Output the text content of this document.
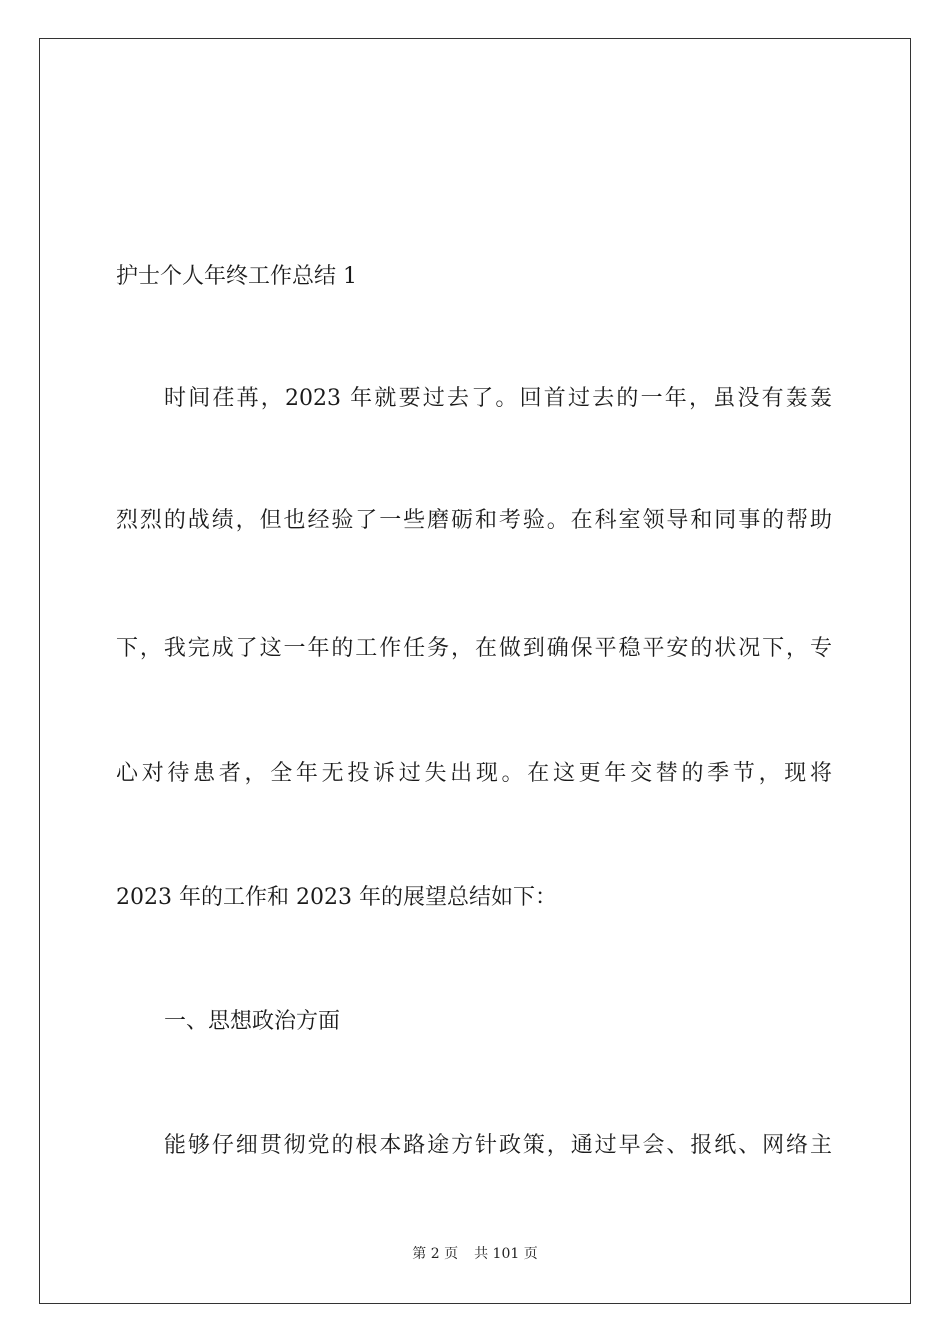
护士个人年终工作总结 1
时间荏苒，2023 年就要过去了。回首过去的一年，虽没有轰轰
烈烈的战绩，但也经验了一些磨砺和考验。在科室领导和同事的帮助
下，我完成了这一年的工作任务，在做到确保平稳平安的状况下，专
心对待患者，全年无投诉过失出现。在这更年交替的季节，现将
2023 年的工作和 2023 年的展望总结如下：
一、思想政治方面
能够仔细贯彻党的根本路途方针政策，通过早会、报纸、网络主
第 2 页 共 101 页
